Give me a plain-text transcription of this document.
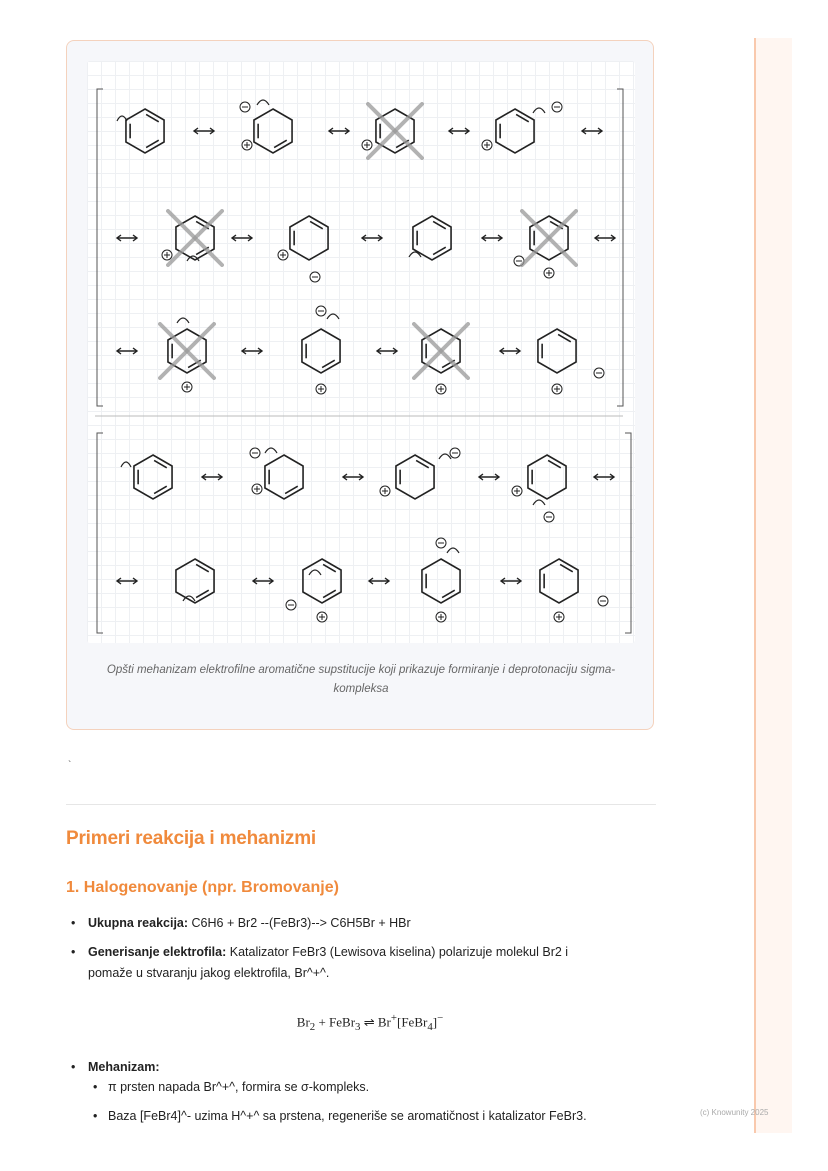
Opšti mehanizam elektrofilne aromatične supstitucije koji prikazuje formiranje i deprotonaciju sigma-kompleksa
`
Primeri reakcija i mehanizmi
1. Halogenovanje (npr. Bromovanje)
• Ukupna reakcija: C6H6 + Br2 --(FeBr3)--> C6H5Br + HBr
• Generisanje elektrofila: Katalizator FeBr3 (Lewisova kiselina) polarizuje molekul Br2 i
pomaže u stvaranju jakog elektrofila, Br^+^.
$Br_2$ + FeBr$_3$ ⇌ Br+[FeBr$_4$]−
• Mehanizam:
• π prsten napada Br^+^, formira se σ-kompleks.
• Baza [FeBr4]^- uzima H^+^ sa prstena, regeneriše se aromatičnost i katalizator FeBr3.	(c) Knowunity 2025
